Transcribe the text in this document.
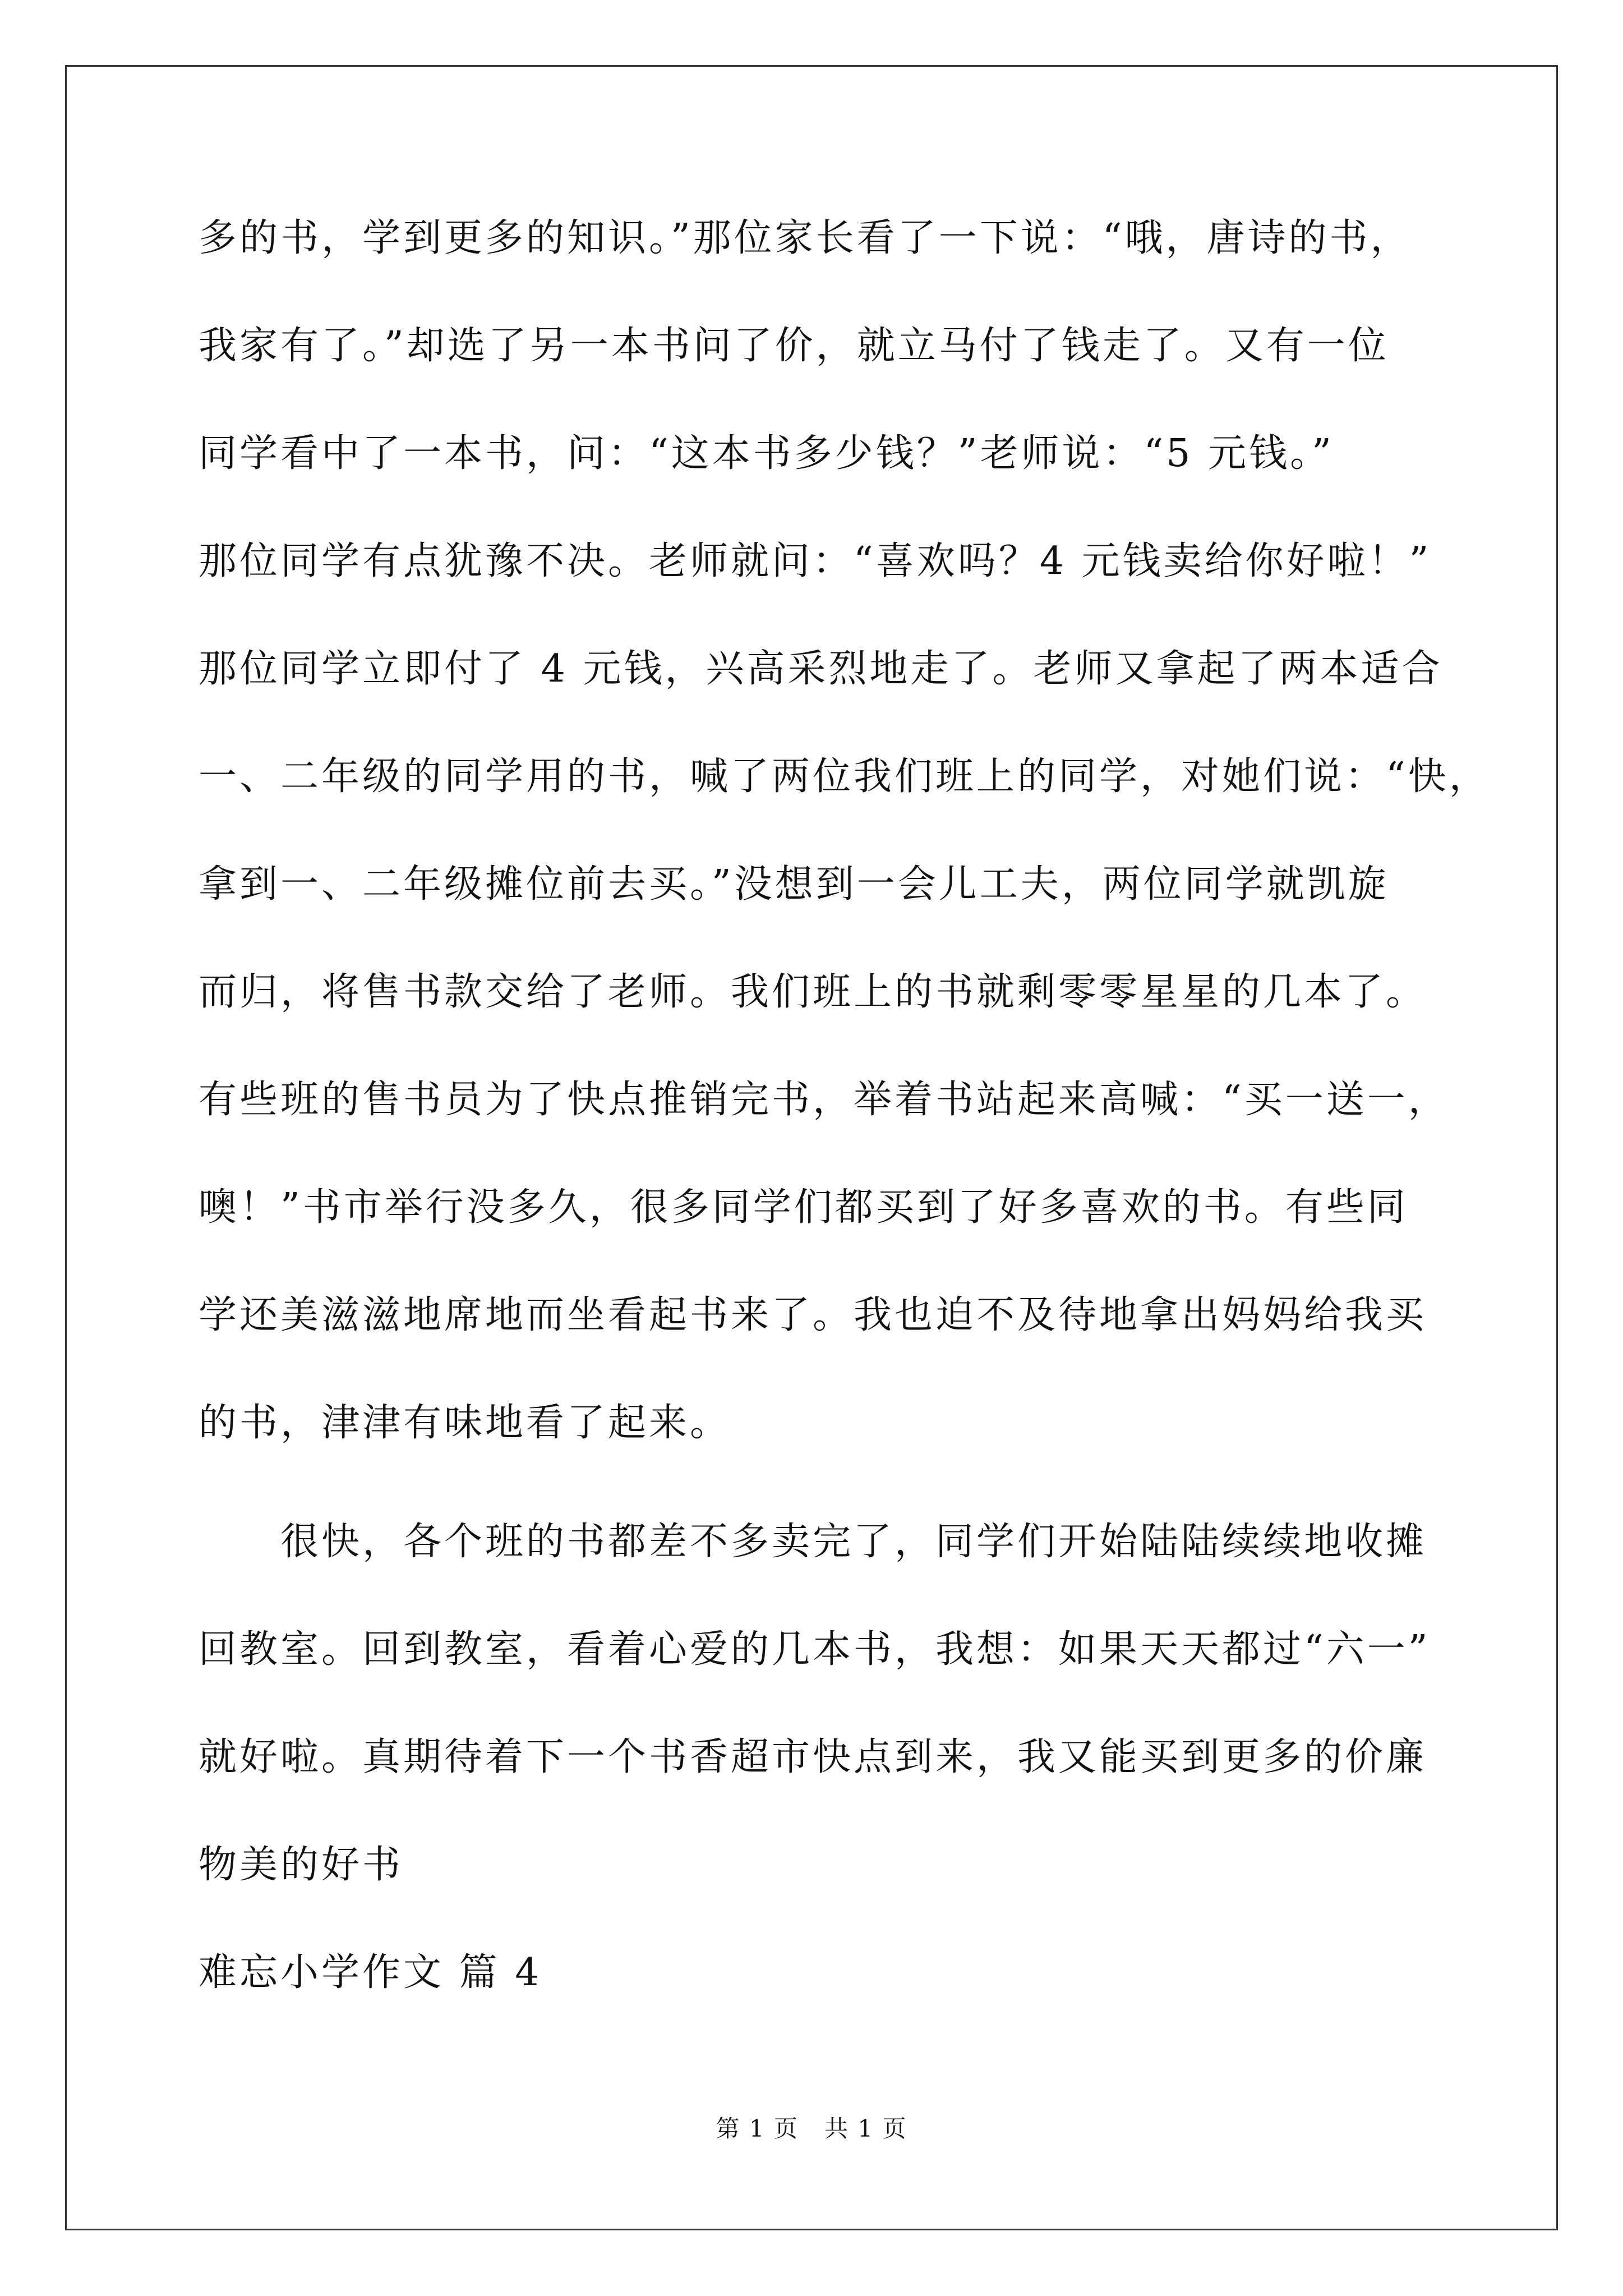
多的书，学到更多的知识。”那位家长看了一下说：“哦，唐诗的书，
我家有了。”却选了另一本书问了价，就立马付了钱走了。又有一位
同学看中了一本书，问：“这本书多少钱？”老师说：“5 元钱。”
那位同学有点犹豫不决。老师就问：“喜欢吗？4 元钱卖给你好啦！”
那位同学立即付了 4 元钱，兴高采烈地走了。老师又拿起了两本适合
一、二年级的同学用的书，喊了两位我们班上的同学，对她们说：“快，
拿到一、二年级摊位前去买。”没想到一会儿工夫，两位同学就凯旋
而归，将售书款交给了老师。我们班上的书就剩零零星星的几本了。
有些班的售书员为了快点推销完书，举着书站起来高喊：“买一送一，
噢！”书市举行没多久，很多同学们都买到了好多喜欢的书。有些同
学还美滋滋地席地而坐看起书来了。我也迫不及待地拿出妈妈给我买
的书，津津有味地看了起来。
　　很快，各个班的书都差不多卖完了，同学们开始陆陆续续地收摊
回教室。回到教室，看着心爱的几本书，我想：如果天天都过“六一”
就好啦。真期待着下一个书香超市快点到来，我又能买到更多的价廉
物美的好书
难忘小学作文 篇 4
第 1 页   共 1 页
